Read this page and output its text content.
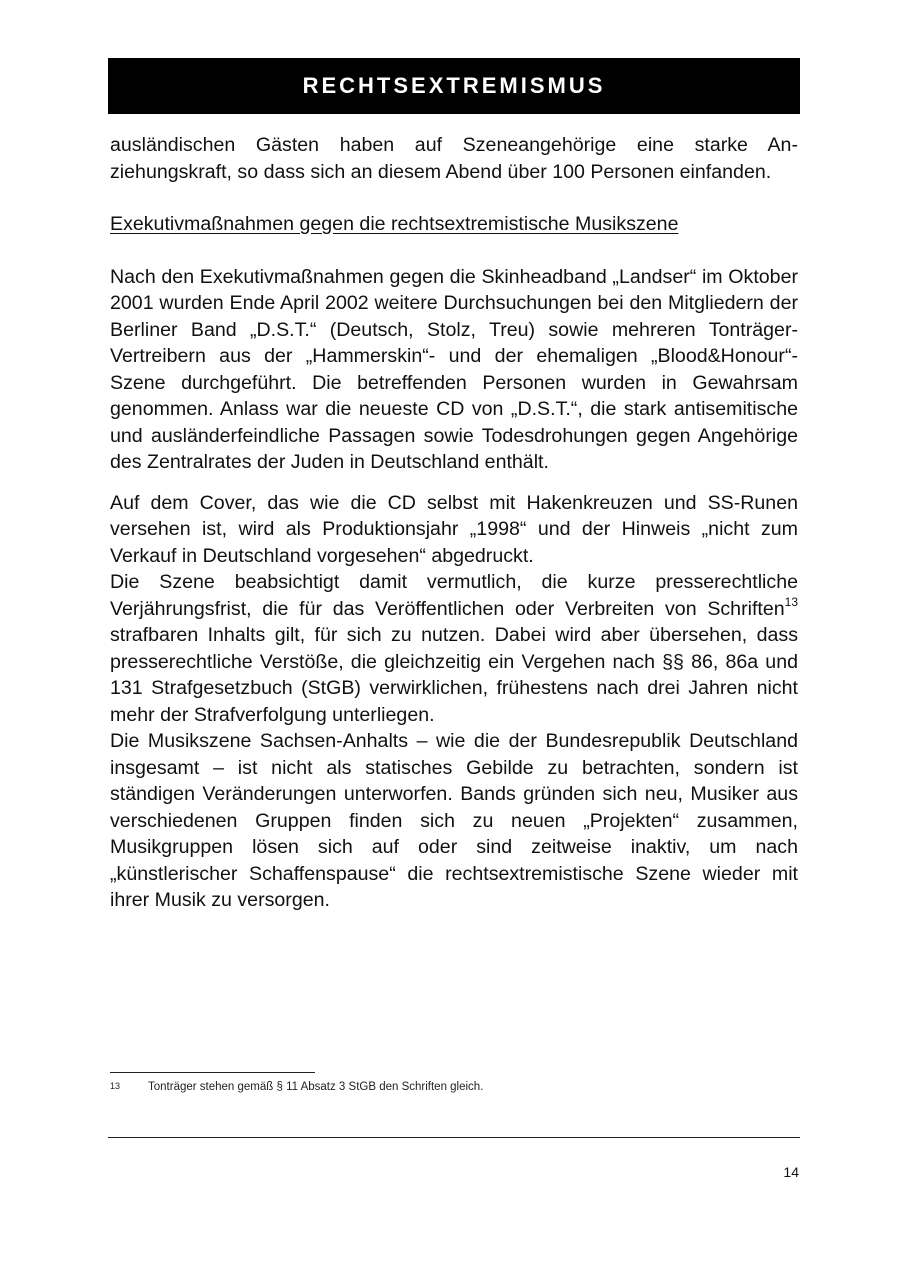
RECHTSEXTREMISMUS

ausländischen Gästen haben auf Szeneangehörige eine starke Anziehungskraft, so dass sich an diesem Abend über 100 Personen einfanden.

Exekutivmaßnahmen gegen die rechtsextremistische Musikszene

Nach den Exekutivmaßnahmen gegen die Skinheadband „Landser“ im Oktober 2001 wurden Ende April 2002 weitere Durchsuchungen bei den Mitgliedern der Berliner Band „D.S.T.“ (Deutsch, Stolz, Treu) sowie mehreren Tonträger-Vertreibern aus der „Hammerskin“- und der ehemaligen „Blood&Honour“-Szene durchgeführt. Die betreffenden Personen wurden in Gewahrsam genommen. Anlass war die neueste CD von „D.S.T.“, die stark antisemitische und ausländerfeindliche Passagen sowie Todesdrohungen gegen Angehörige des Zentralrates der Juden in Deutschland enthält.

Auf dem Cover, das wie die CD selbst mit Hakenkreuzen und SS-Runen versehen ist, wird als Produktionsjahr „1998“ und der Hinweis „nicht zum Verkauf in Deutschland vorgesehen“ abgedruckt.

Die Szene beabsichtigt damit vermutlich, die kurze presserechtliche Verjährungsfrist, die für das Veröffentlichen oder Verbreiten von Schriften$^{13}$ strafbaren Inhalts gilt, für sich zu nutzen. Dabei wird aber übersehen, dass presserechtliche Verstöße, die gleichzeitig ein Vergehen nach §§ 86, 86a und 131 Strafgesetzbuch (StGB) verwirklichen, frühestens nach drei Jahren nicht mehr der Strafverfolgung unterliegen.

Die Musikszene Sachsen-Anhalts – wie die der Bundesrepublik Deutschland insgesamt – ist nicht als statisches Gebilde zu betrachten, sondern ist ständigen Veränderungen unterworfen. Bands gründen sich neu, Musiker aus verschiedenen Gruppen finden sich zu neuen „Projekten“ zusammen, Musikgruppen lösen sich auf oder sind zeitweise inaktiv, um nach „künstlerischer Schaffenspause“ die rechtsextremistische Szene wieder mit ihrer Musik zu versorgen.

13	Tonträger stehen gemäß § 11 Absatz 3 StGB den Schriften gleich.
14
